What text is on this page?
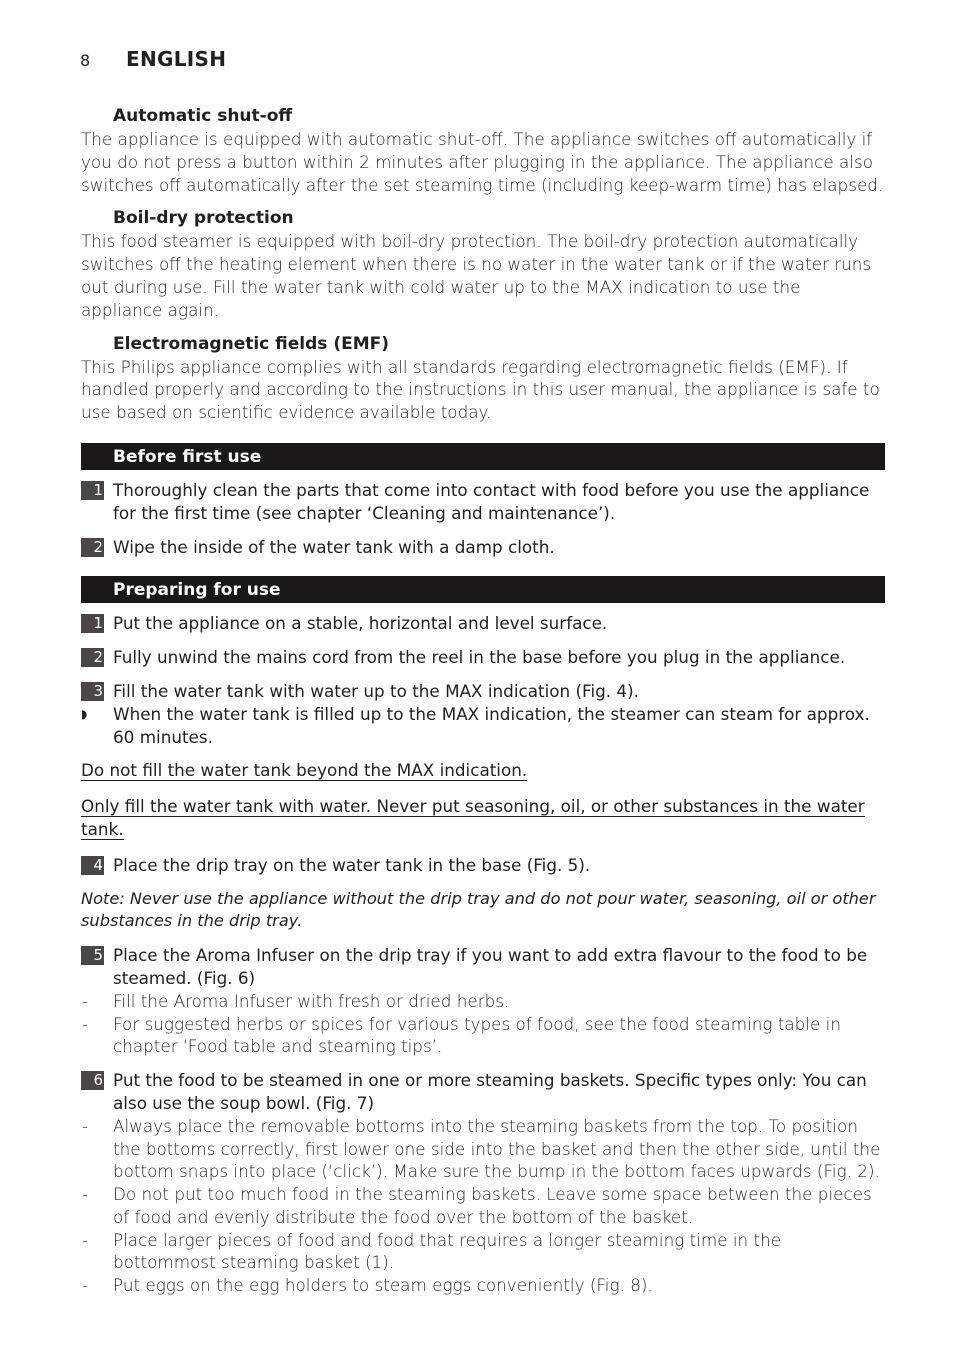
8	ENGLISH
Automatic shut-off

The appliance is equipped with automatic shut-off. The appliance switches off automatically if you do not press a button within 2 minutes after plugging in the appliance. The appliance also switches off automatically after the set steaming time (including keep-warm time) has elapsed.

Boil-dry protection

This food steamer is equipped with boil-dry protection. The boil-dry protection automatically switches off the heating element when there is no water in the water tank or if the water runs out during use. Fill the water tank with cold water up to the MAX indication to use the appliance again.

Electromagnetic fields (EMF)

This Philips appliance complies with all standards regarding electromagnetic fields (EMF). If handled properly and according to the instructions in this user manual, the appliance is safe to use based on scientific evidence available today.

Before first use
1 Thoroughly clean the parts that come into contact with food before you use the appliance for the first time (see chapter ‘Cleaning and maintenance’).
2 Wipe the inside of the water tank with a damp cloth.
Preparing for use
1 Put the appliance on a stable, horizontal and level surface.
2 Fully unwind the mains cord from the reel in the base before you plug in the appliance.
3 Fill the water tank with water up to the MAX indication (Fig. 4).
◗	When the water tank is filled up to the MAX indication, the steamer can steam for approx. 60 minutes.
Do not fill the water tank beyond the MAX indication.
Only fill the water tank with water. Never put seasoning, oil, or other substances in the water tank.
4 Place the drip tray on the water tank in the base (Fig. 5).

Note: Never use the appliance without the drip tray and do not pour water, seasoning, oil or other substances in the drip tray.

5 Place the Aroma Infuser on the drip tray if you want to add extra flavour to the food to be steamed. (Fig. 6)
-	Fill the Aroma Infuser with fresh or dried herbs.
-	For suggested herbs or spices for various types of food, see the food steaming table in chapter ‘Food table and steaming tips’.
6 Put the food to be steamed in one or more steaming baskets. Specific types only: You can also use the soup bowl. (Fig. 7)
-	Always place the removable bottoms into the steaming baskets from the top. To position the bottoms correctly, first lower one side into the basket and then the other side, until the bottom snaps into place (‘click’). Make sure the bump in the bottom faces upwards (Fig. 2).
-	Do not put too much food in the steaming baskets. Leave some space between the pieces of food and evenly distribute the food over the bottom of the basket.
-	Place larger pieces of food and food that requires a longer steaming time in the bottommost steaming basket (1).
-	Put eggs on the egg holders to steam eggs conveniently (Fig. 8).
